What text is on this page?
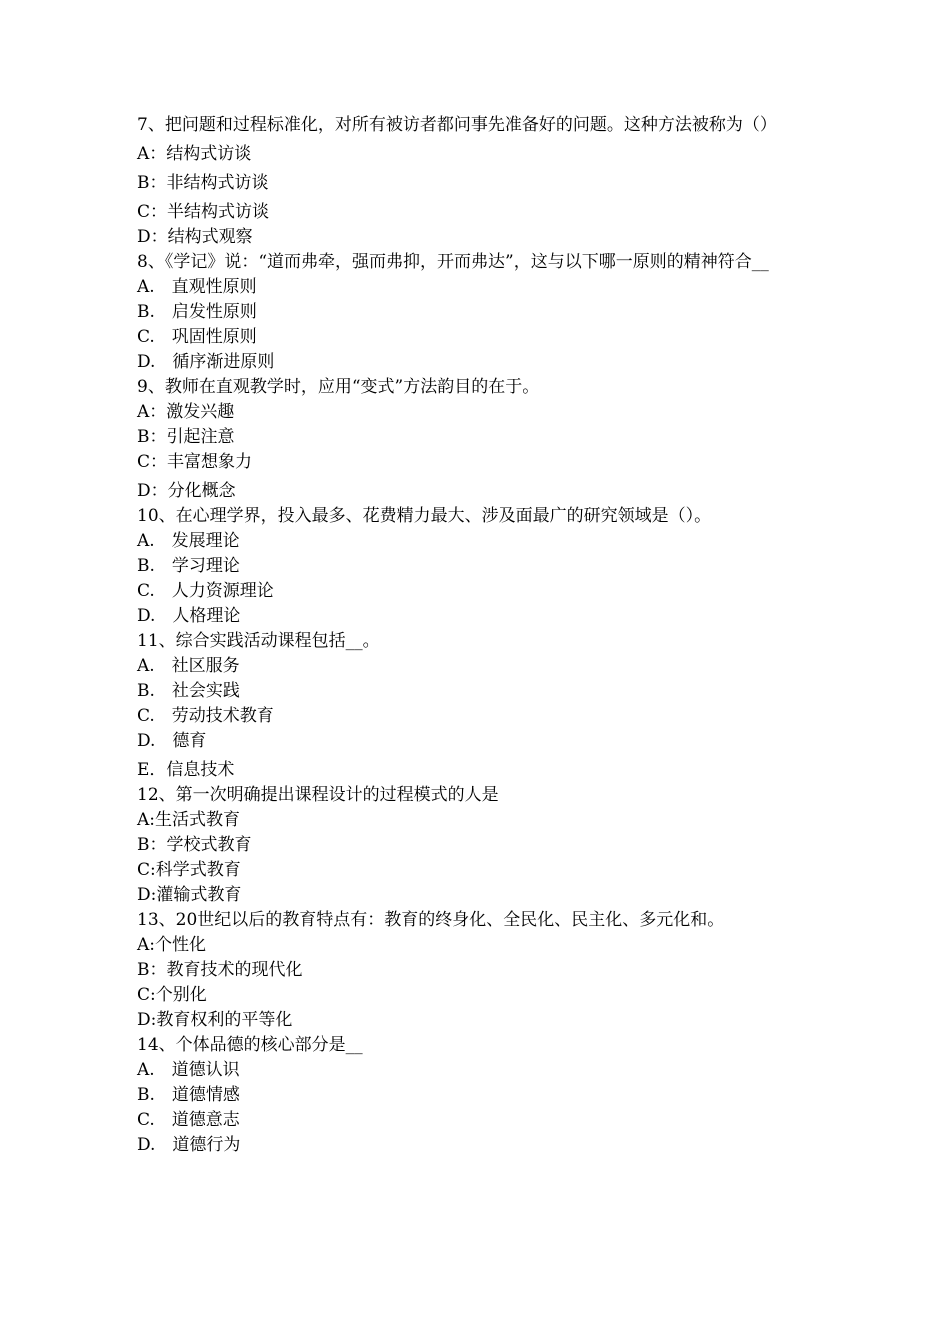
7、把问题和过程标准化，对所有被访者都问事先准备好的问题。这种方法被称为（）
A：结构式访谈
B：非结构式访谈
C：半结构式访谈
D：结构式观察
8、《学记》说：“道而弗牵，强而弗抑，开而弗达”，这与以下哪一原则的精神符合__
A.　直观性原则
B.　启发性原则
C.　巩固性原则
D.　循序渐进原则
9、教师在直观教学时，应用“变式”方法韵目的在于。
A：激发兴趣
B：引起注意
C：丰富想象力
D：分化概念
10、在心理学界，投入最多、花费精力最大、涉及面最广的研究领域是（）。
A.　发展理论
B.　学习理论
C.　人力资源理论
D.　人格理论
11、综合实践活动课程包括__。
A.　社区服务
B.　社会实践
C.　劳动技术教育
D.　德育
E．信息技术
12、第一次明确提出课程设计的过程模式的人是
A:生活式教育
B：学校式教育
C:科学式教育
D:灌输式教育
13、20世纪以后的教育特点有：教育的终身化、全民化、民主化、多元化和。
A:个性化
B：教育技术的现代化
C:个别化
D:教育权利的平等化
14、个体品德的核心部分是__
A.　道德认识
B.　道德情感
C.　道德意志
D.　道德行为
